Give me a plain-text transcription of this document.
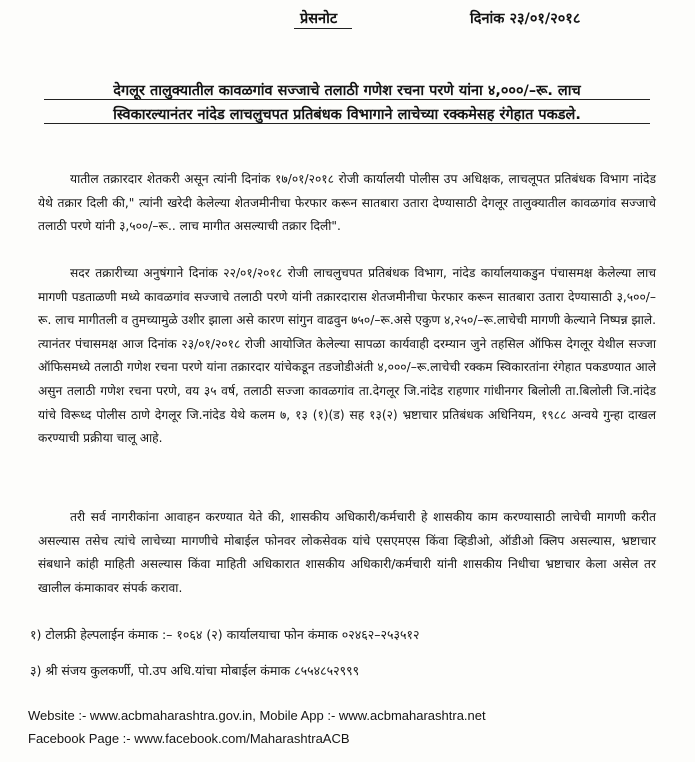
प्रेसनोट	दिनांक २३/०१/२०१८
देगलूर तालुक्यातील कावळगांव सज्जाचे तलाठी गणेश रचना परणे यांना ४,०००/–रू. लाच
स्विकारल्यानंतर नांदेड लाचलुचपत प्रतिबंधक विभागाने लाचेच्या रक्कमेसह रंगेहात पकडले.
यातील तक्रारदार शेतकरी असून त्यांनी दिनांक १७/०१/२०१८ रोजी कार्यालयी पोलीस उप अधिक्षक, लाचलूपत प्रतिबंधक विभाग नांदेड येथे तक्रार दिली की," त्यांनी खरेदी केलेल्या शेतजमीनीचा फेरफार करून सातबारा उतारा देण्यासाठी देगलूर तालुक्यातील कावळगांव सज्जाचे तलाठी परणे यांनी ३,५००/–रू.. लाच मागीत असल्याची तक्रार दिली".
सदर तक्रारीच्या अनुषंगाने दिनांक २२/०१/२०१८ रोजी लाचलुचपत प्रतिबंधक विभाग, नांदेड कार्यालयाकडुन पंचासमक्ष केलेल्या लाच मागणी पडताळणी मध्ये कावळगांव सज्जाचे तलाठी परणे यांनी तक्रारदारास शेतजमीनीचा फेरफार करून सातबारा उतारा देण्यासाठी ३,५००/–रू. लाच मागीतली व तुमच्यामुळे उशीर झाला असे कारण सांगुन वाढवुन ७५०/–रू.असे एकुण ४,२५०/–रू.लाचेची मागणी केल्याने निष्पन्न झाले. त्यानंतर पंचासमक्ष आज दिनांक २३/०१/२०१८ रोजी आयोजित केलेल्या सापळा कार्यवाही दरम्यान जुने तहसिल ऑफिस देगलूर येथील सज्जा ऑफिसमध्ये तलाठी गणेश रचना परणे यांना तक्रारदार यांचेकडून तडजोडीअंती ४,०००/–रू.लाचेची रक्कम स्विकारतांना रंगेहात पकडण्यात आले असुन तलाठी गणेश रचना परणे, वय ३५ वर्ष, तलाठी सज्जा कावळगांव ता.देगलूर जि.नांदेड राहणार गांधीनगर बिलोली ता.बिलोली जि.नांदेड यांचे विरूध्द पोलीस ठाणे देगलूर जि.नांदेड येथे कलम ७, १३ (१)(ड) सह १३(२) भ्रष्टाचार प्रतिबंधक अधिनियम, १९८८ अन्वये गुन्हा दाखल करण्याची प्रक्रीया चालू आहे.
तरी सर्व नागरीकांना आवाहन करण्यात येते की, शासकीय अधिकारी/कर्मचारी हे शासकीय काम करण्यासाठी लाचेची मागणी करीत असल्यास तसेच त्यांचे लाचेच्या मागणीचे मोबाईल फोनवर लोकसेवक यांचे एसएमएस किंवा व्हिडीओ, ऑडीओ क्लिप असल्यास, भ्रष्टाचार संबधाने कांही माहिती असल्यास किंवा माहिती अधिकारात शासकीय अधिकारी/कर्मचारी यांनी शासकीय निधीचा भ्रष्टाचार केला असेल तर खालील कंमाकावर संपर्क करावा.
१) टोलफ्री हेल्पलाईन कंमाक :– १०६४ (२) कार्यालयाचा फोन कंमाक ०२४६२–२५३५१२
३) श्री संजय कुलकर्णी, पो.उप अधि.यांचा मोबाईल कंमाक ८५५४८५२९९९
Website :- www.acbmaharashtra.gov.in, Mobile App :- www.acbmaharashtra.net
Facebook Page :- www.facebook.com/MaharashtraACB
